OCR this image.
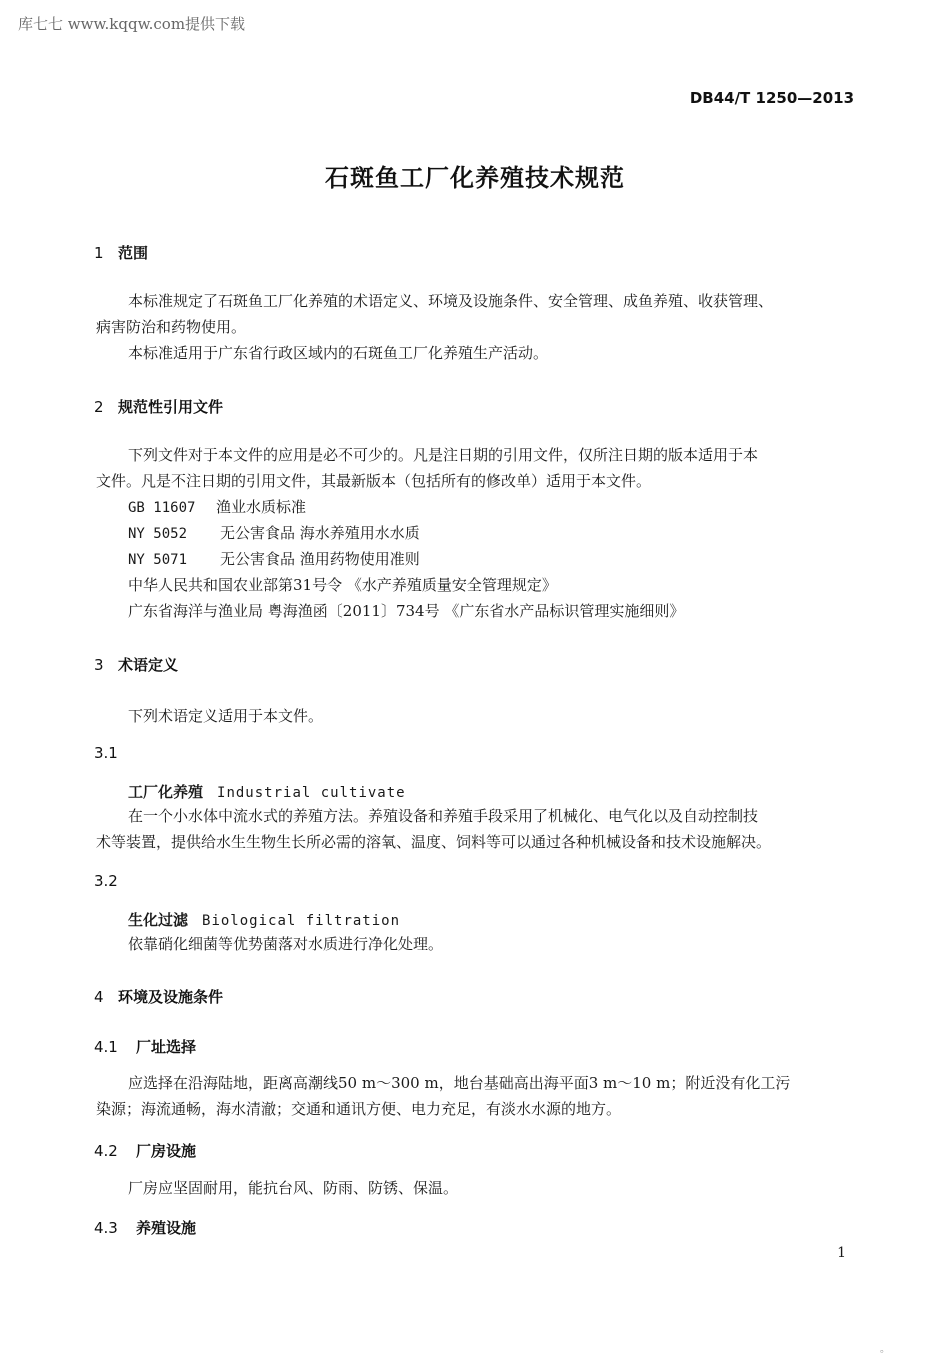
库七七 www.kqqw.com提供下载
DB44/T 1250—2013
石斑鱼工厂化养殖技术规范
1 范围
本标准规定了石斑鱼工厂化养殖的术语定义、环境及设施条件、安全管理、成鱼养殖、收获管理、
病害防治和药物使用。
本标准适用于广东省行政区域内的石斑鱼工厂化养殖生产活动。
2 规范性引用文件
下列文件对于本文件的应用是必不可少的。凡是注日期的引用文件，仅所注日期的版本适用于本
文件。凡是不注日期的引用文件，其最新版本（包括所有的修改单）适用于本文件。
GB 11607 渔业水质标准
NY 5052 无公害食品 海水养殖用水水质
NY 5071 无公害食品 渔用药物使用准则
中华人民共和国农业部第31号令 《水产养殖质量安全管理规定》
广东省海洋与渔业局 粤海渔函〔2011〕734号 《广东省水产品标识管理实施细则》
3 术语定义
下列术语定义适用于本文件。
3.1
工厂化养殖 Industrial cultivate
在一个小水体中流水式的养殖方法。养殖设备和养殖手段采用了机械化、电气化以及自动控制技
术等装置，提供给水生生物生长所必需的溶氧、温度、饲料等可以通过各种机械设备和技术设施解决。
3.2
生化过滤 Biological filtration
依靠硝化细菌等优势菌落对水质进行净化处理。
4 环境及设施条件
4.1 厂址选择
应选择在沿海陆地，距离高潮线50 m～300 m，地台基础高出海平面3 m～10 m；附近没有化工污
染源；海流通畅，海水清澈；交通和通讯方便、电力充足，有淡水水源的地方。
4.2 厂房设施
厂房应坚固耐用，能抗台风、防雨、防锈、保温。
4.3 养殖设施
1
。
